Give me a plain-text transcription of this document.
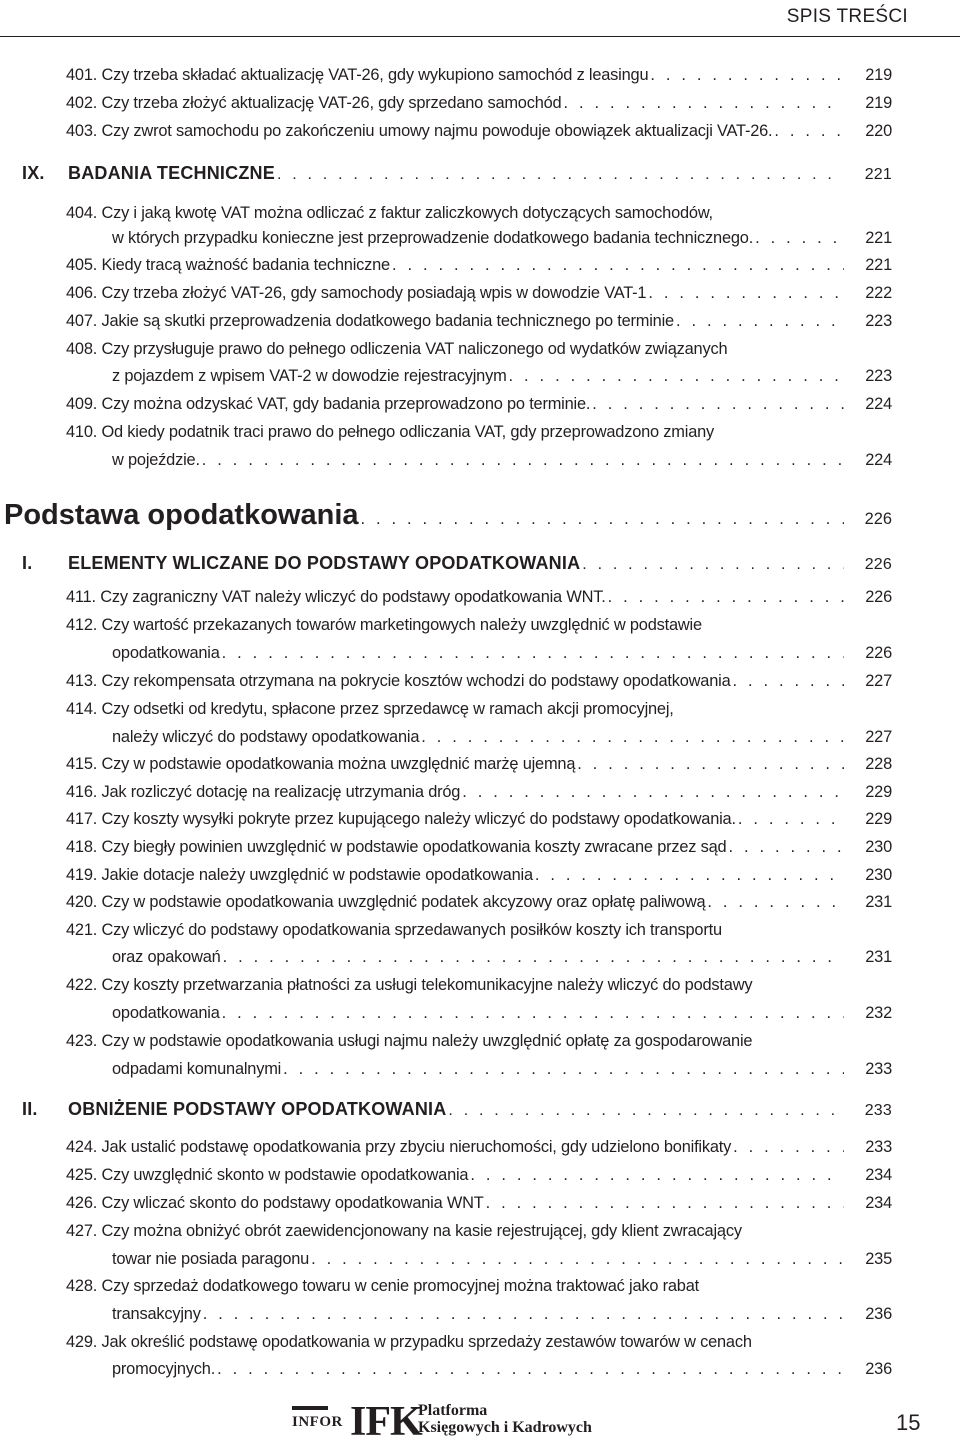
SPIS TREŚCI
401. Czy trzeba składać aktualizację VAT-26, gdy wykupiono samochód z leasingu . . .	219
402. Czy trzeba złożyć aktualizację VAT-26, gdy sprzedano samochód . . .	219
403. Czy zwrot samochodu po zakończeniu umowy najmu powoduje obowiązek aktualizacji VAT-26. . . .	220
IX. BADANIA TECHNICZNE . . .	221
404. Czy i jaką kwotę VAT można odliczać z faktur zaliczkowych dotyczących samochodów,
w których przypadku konieczne jest przeprowadzenie dodatkowego badania technicznego. . . .	221
405. Kiedy tracą ważność badania techniczne . . .	221
406. Czy trzeba złożyć VAT-26, gdy samochody posiadają wpis w dowodzie VAT-1 . . .	222
407. Jakie są skutki przeprowadzenia dodatkowego badania technicznego po terminie . . .	223
408. Czy przysługuje prawo do pełnego odliczenia VAT naliczonego od wydatków związanych
z pojazdem z wpisem VAT-2 w dowodzie rejestracyjnym . . .	223
409. Czy można odzyskać VAT, gdy badania przeprowadzono po terminie. . . .	224
410. Od kiedy podatnik traci prawo do pełnego odliczania VAT, gdy przeprowadzono zmiany
w pojeździe. . . .	224
Podstawa opodatkowania . . .	226
I. ELEMENTY WLICZANE DO PODSTAWY OPODATKOWANIA . . .	226
411. Czy zagraniczny VAT należy wliczyć do podstawy opodatkowania WNT. . . .	226
412. Czy wartość przekazanych towarów marketingowych należy uwzględnić w podstawie
opodatkowania . . .	226
413. Czy rekompensata otrzymana na pokrycie kosztów wchodzi do podstawy opodatkowania . . .	227
414. Czy odsetki od kredytu, spłacone przez sprzedawcę w ramach akcji promocyjnej,
należy wliczyć do podstawy opodatkowania . . .	227
415. Czy w podstawie opodatkowania można uwzględnić marżę ujemną . . .	228
416. Jak rozliczyć dotację na realizację utrzymania dróg . . .	229
417. Czy koszty wysyłki pokryte przez kupującego należy wliczyć do podstawy opodatkowania. . . .	229
418. Czy biegły powinien uwzględnić w podstawie opodatkowania koszty zwracane przez sąd . . .	230
419. Jakie dotacje należy uwzględnić w podstawie opodatkowania . . .	230
420. Czy w podstawie opodatkowania uwzględnić podatek akcyzowy oraz opłatę paliwową . . .	231
421. Czy wliczyć do podstawy opodatkowania sprzedawanych posiłków koszty ich transportu
oraz opakowań . . .	231
422. Czy koszty przetwarzania płatności za usługi telekomunikacyjne należy wliczyć do podstawy
opodatkowania . . .	232
423. Czy w podstawie opodatkowania usługi najmu należy uwzględnić opłatę za gospodarowanie
odpadami komunalnymi . . .	233
II. OBNIŻENIE PODSTAWY OPODATKOWANIA . . .	233
424. Jak ustalić podstawę opodatkowania przy zbyciu nieruchomości, gdy udzielono bonifikaty . . .	233
425. Czy uwzględnić skonto w podstawie opodatkowania . . .	234
426. Czy wliczać skonto do podstawy opodatkowania WNT . . .	234
427. Czy można obniżyć obrót zaewidencjonowany na kasie rejestrującej, gdy klient zwracający
towar nie posiada paragonu . . .	235
428. Czy sprzedaż dodatkowego towaru w cenie promocyjnej można traktować jako rabat
transakcyjny . . .	236
429. Jak określić podstawę opodatkowania w przypadku sprzedaży zestawów towarów w cenach
promocyjnych. . . .	236
INFOR IFK
Platforma
Księgowych i Kadrowych	15
